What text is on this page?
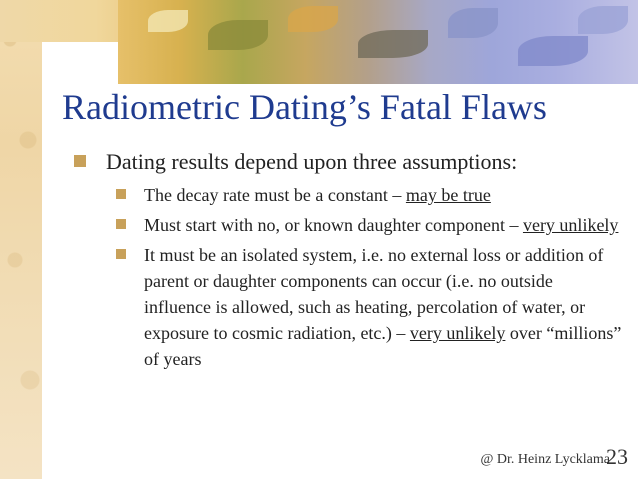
Radiometric Dating’s Fatal Flaws
Dating results depend upon three assumptions:
The decay rate must be a constant – may be true
Must start with no, or known daughter component – very unlikely
It must be an isolated system, i.e. no external loss or addition of parent or daughter components can occur (i.e. no outside influence is allowed, such as heating, percolation of water, or exposure to cosmic radiation, etc.) – very unlikely over “millions” of years
@ Dr. Heinz Lycklama
23
